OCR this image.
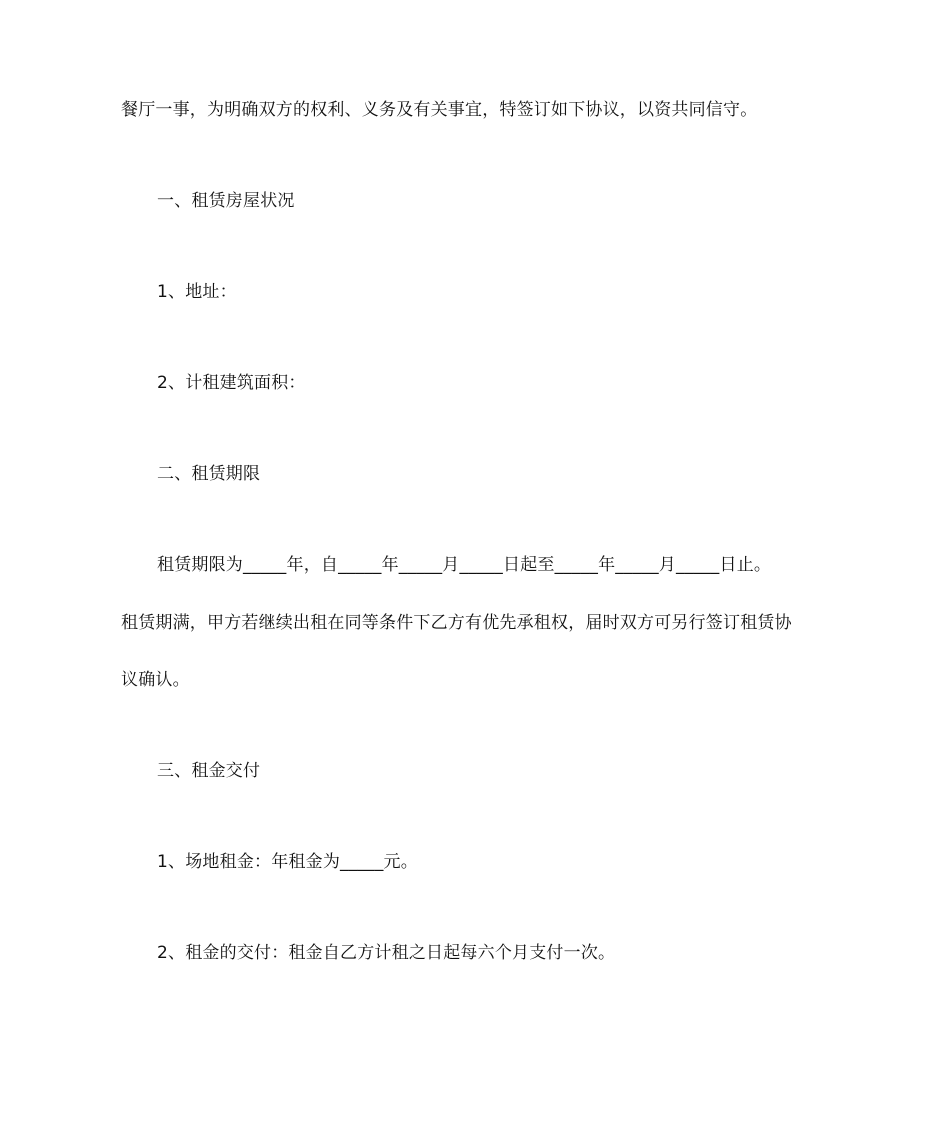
餐厅一事，为明确双方的权利、义务及有关事宜，特签订如下协议，以资共同信守。
一、租赁房屋状况
1、地址：
2、计租建筑面积：
二、租赁期限
租赁期限为_____年，自_____年_____月_____日起至_____年_____月_____日止。
租赁期满，甲方若继续出租在同等条件下乙方有优先承租权，届时双方可另行签订租赁协
议确认。
三、租金交付
1、场地租金：年租金为_____元。
2、租金的交付：租金自乙方计租之日起每六个月支付一次。
